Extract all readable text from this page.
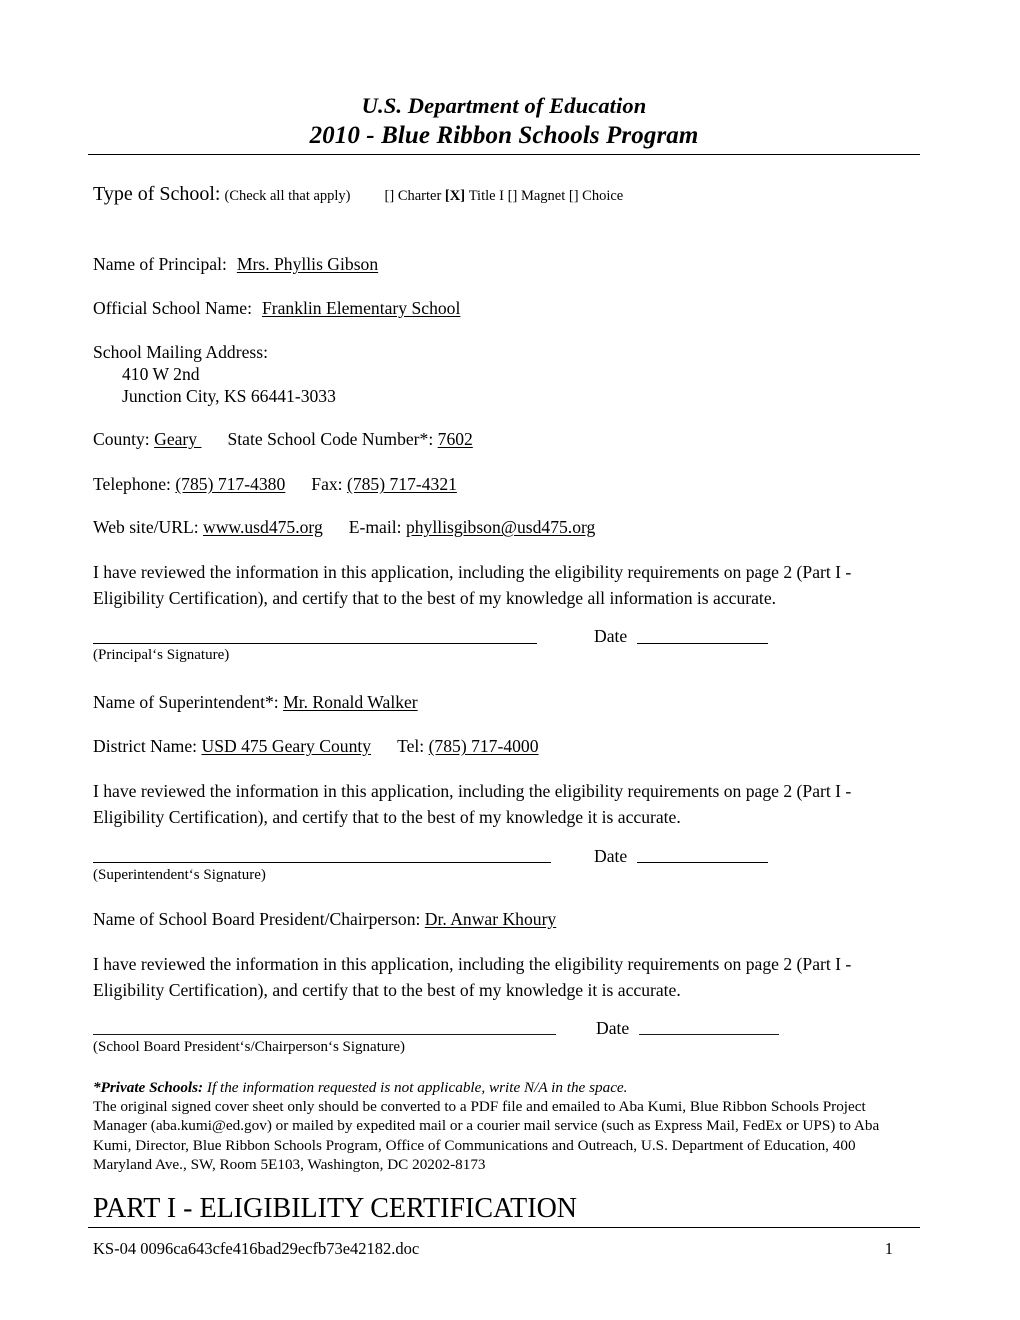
U.S. Department of Education
2010 - Blue Ribbon Schools Program
Type of School: (Check all that apply) [] Charter [X] Title I [] Magnet [] Choice
Name of Principal: Mrs. Phyllis Gibson
Official School Name: Franklin Elementary School
School Mailing Address:
410 W 2nd
Junction City, KS 66441-3033
County: Geary State School Code Number*: 7602
Telephone: (785) 717-4380 Fax: (785) 717-4321
Web site/URL: www.usd475.org E-mail: phyllisgibson@usd475.org
I have reviewed the information in this application, including the eligibility requirements on page 2 (Part I - Eligibility Certification), and certify that to the best of my knowledge all information is accurate.
(Principal‘s Signature)
Date
Name of Superintendent*: Mr. Ronald Walker
District Name: USD 475 Geary County Tel: (785) 717-4000
I have reviewed the information in this application, including the eligibility requirements on page 2 (Part I - Eligibility Certification), and certify that to the best of my knowledge it is accurate.
(Superintendent‘s Signature)
Date
Name of School Board President/Chairperson: Dr. Anwar Khoury
I have reviewed the information in this application, including the eligibility requirements on page 2 (Part I - Eligibility Certification), and certify that to the best of my knowledge it is accurate.
(School Board President‘s/Chairperson‘s Signature)
Date
*Private Schools: If the information requested is not applicable, write N/A in the space.
The original signed cover sheet only should be converted to a PDF file and emailed to Aba Kumi, Blue Ribbon Schools Project Manager (aba.kumi@ed.gov) or mailed by expedited mail or a courier mail service (such as Express Mail, FedEx or UPS) to Aba Kumi, Director, Blue Ribbon Schools Program, Office of Communications and Outreach, U.S. Department of Education, 400 Maryland Ave., SW, Room 5E103, Washington, DC 20202-8173
PART I - ELIGIBILITY CERTIFICATION
KS-04 0096ca643cfe416bad29ecfb73e42182.doc	1
